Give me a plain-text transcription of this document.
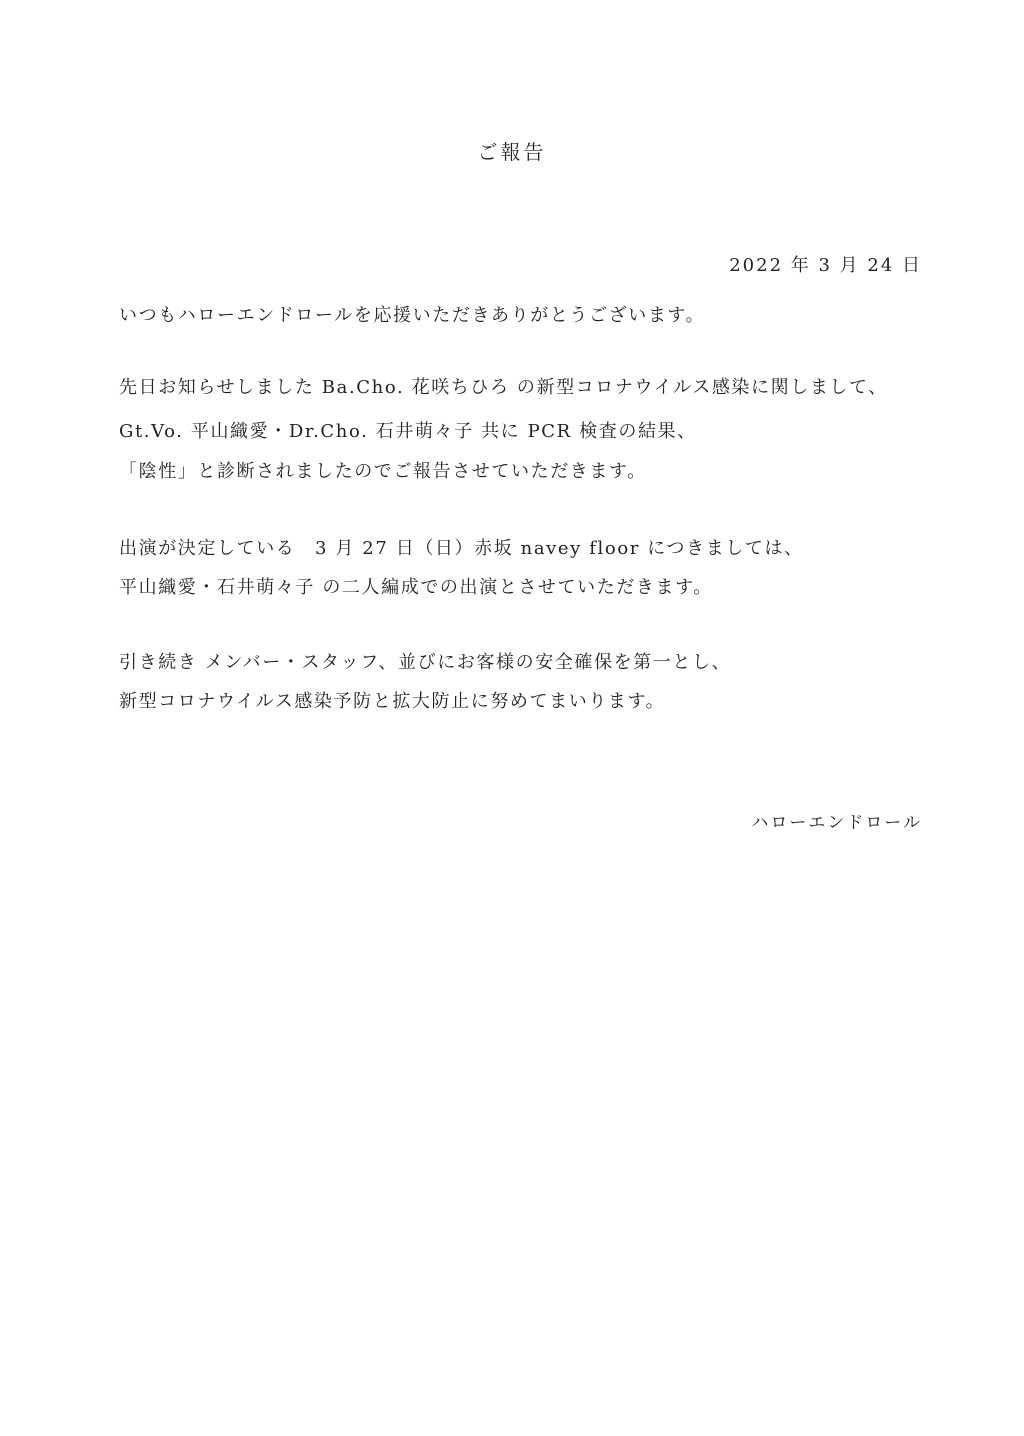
ご報告
2022 年 3 月 24 日
いつもハローエンドロールを応援いただきありがとうございます。
先日お知らせしました Ba.Cho. 花咲ちひろ の新型コロナウイルス感染に関しまして、
Gt.Vo. 平山織愛・Dr.Cho. 石井萌々子 共に PCR 検査の結果、
「陰性」と診断されましたのでご報告させていただきます。
出演が決定している　3 月 27 日（日）赤坂 navey floor につきましては、
平山織愛・石井萌々子 の二人編成での出演とさせていただきます。
引き続き メンバー・スタッフ、並びにお客様の安全確保を第一とし、
新型コロナウイルス感染予防と拡大防止に努めてまいります。
ハローエンドロール
